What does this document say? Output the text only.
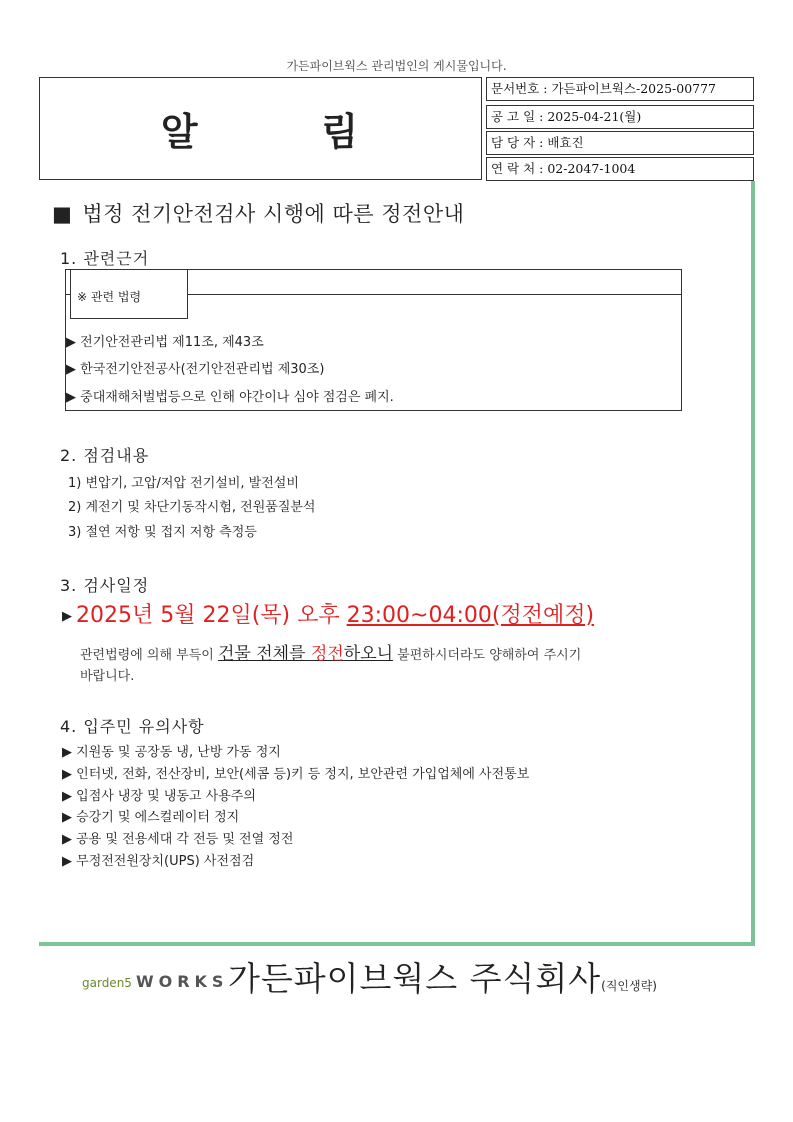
가든파이브웍스 관리법인의 게시물입니다.
알        림
문서번호 : 가든파이브웍스-2025-00777
공 고 일 : 2025-04-21(월)
담 당 자 : 배효진
연 락 처 : 02-2047-1004
■ 법정 전기안전검사 시행에 따른 정전안내
1. 관련근거
※ 관련 법령
▶ 전기안전관리법 제11조, 제43조
▶ 한국전기안전공사(전기안전관리법 제30조)
▶ 중대재해처벌법등으로 인해 야간이나 심야 점검은 폐지.
2. 점검내용
1) 변압기, 고압/저압 전기설비, 발전설비
2) 계전기 및 차단기동작시험, 전원품질분석
3) 절연 저항 및 접지 저항 측정등
3. 검사일정
▶ 2025년 5월 22일(목) 오후 23:00~04:00(정전예정)
관련법령에 의해 부득이 건물 전체를 정전하오니 불편하시더라도 양해하여 주시기
바랍니다.
4. 입주민 유의사항
▶ 지원동 및 공장동 냉, 난방 가동 정지
▶ 인터넷, 전화, 전산장비, 보안(세콤 등)키 등 정지, 보안관련 가입업체에 사전통보
▶ 입점사 냉장 및 냉동고 사용주의
▶ 승강기 및 에스컬레이터 정지
▶ 공용 및 전용세대 각 전등 및 전열 정전
▶ 무정전전원장치(UPS) 사전점검
garden5 WORKS 가든파이브웍스 주식회사(직인생략)
